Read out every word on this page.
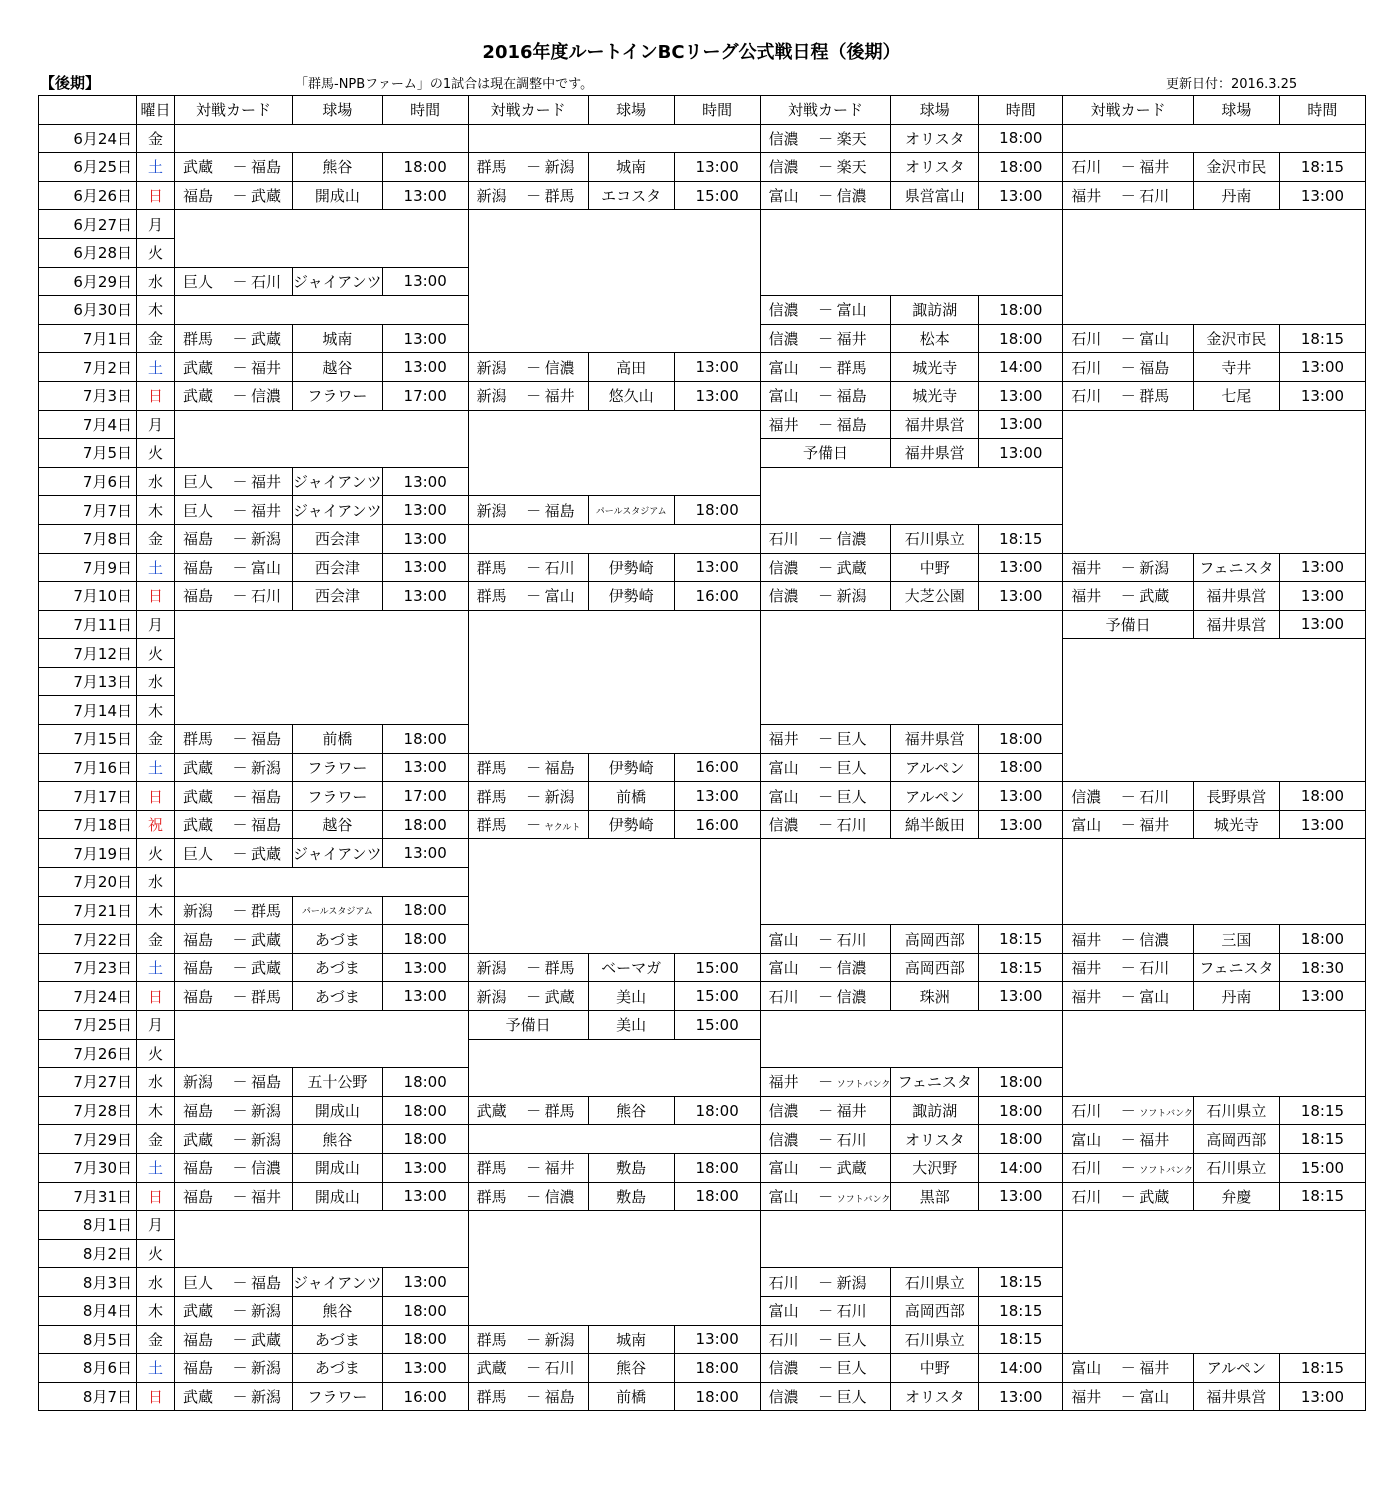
2016年度ルートインBCリーグ公式戦日程（後期）
【後期】	「群馬-NPBファーム」の1試合は現在調整中です。	更新日付：2016.3.25
	曜日	対戦カード	球場	時間	対戦カード	球場	時間	対戦カード	球場	時間	対戦カード	球場	時間
6月24日	金							信濃 － 楽天	オリスタ	18:00			
6月25日	土	武蔵 － 福島	熊谷	18:00	群馬 － 新潟	城南	13:00	信濃 － 楽天	オリスタ	18:00	石川 － 福井	金沢市民	18:15
6月26日	日	福島 － 武蔵	開成山	13:00	新潟 － 群馬	エコスタ	15:00	富山 － 信濃	県営富山	13:00	福井 － 石川	丹南	13:00
6月27日	月												
6月28日	火												
6月29日	水	巨人 － 石川	ジャイアンツ	13:00									
6月30日	木							信濃 － 富山	諏訪湖	18:00			
7月1日	金	群馬 － 武蔵	城南	13:00				信濃 － 福井	松本	18:00	石川 － 富山	金沢市民	18:15
7月2日	土	武蔵 － 福井	越谷	13:00	新潟 － 信濃	高田	13:00	富山 － 群馬	城光寺	14:00	石川 － 福島	寺井	13:00
7月3日	日	武蔵 － 信濃	フラワー	17:00	新潟 － 福井	悠久山	13:00	富山 － 福島	城光寺	13:00	石川 － 群馬	七尾	13:00
7月4日	月							福井 － 福島	福井県営	13:00			
7月5日	火							予備日	福井県営	13:00			
7月6日	水	巨人 － 福井	ジャイアンツ	13:00									
7月7日	木	巨人 － 福井	ジャイアンツ	13:00	新潟 － 福島	パールスタジアム	18:00						
7月8日	金	福島 － 新潟	西会津	13:00				石川 － 信濃	石川県立	18:15			
7月9日	土	福島 － 富山	西会津	13:00	群馬 － 石川	伊勢崎	13:00	信濃 － 武蔵	中野	13:00	福井 － 新潟	フェニスタ	13:00
7月10日	日	福島 － 石川	西会津	13:00	群馬 － 富山	伊勢崎	16:00	信濃 － 新潟	大芝公園	13:00	福井 － 武蔵	福井県営	13:00
7月11日	月										予備日	福井県営	13:00
7月12日	火												
7月13日	水												
7月14日	木												
7月15日	金	群馬 － 福島	前橋	18:00				福井 － 巨人	福井県営	18:00			
7月16日	土	武蔵 － 新潟	フラワー	13:00	群馬 － 福島	伊勢崎	16:00	富山 － 巨人	アルペン	18:00			
7月17日	日	武蔵 － 福島	フラワー	17:00	群馬 － 新潟	前橋	13:00	富山 － 巨人	アルペン	13:00	信濃 － 石川	長野県営	18:00
7月18日	祝	武蔵 － 福島	越谷	18:00	群馬 － ヤクルト	伊勢崎	16:00	信濃 － 石川	綿半飯田	13:00	富山 － 福井	城光寺	13:00
7月19日	火	巨人 － 武蔵	ジャイアンツ	13:00									
7月20日	水												
7月21日	木	新潟 － 群馬	パールスタジアム	18:00									
7月22日	金	福島 － 武蔵	あづま	18:00				富山 － 石川	高岡西部	18:15	福井 － 信濃	三国	18:00
7月23日	土	福島 － 武蔵	あづま	13:00	新潟 － 群馬	ベーマガ	15:00	富山 － 信濃	高岡西部	18:15	福井 － 石川	フェニスタ	18:30
7月24日	日	福島 － 群馬	あづま	13:00	新潟 － 武蔵	美山	15:00	石川 － 信濃	珠洲	13:00	福井 － 富山	丹南	13:00
7月25日	月				予備日	美山	15:00						
7月26日	火												
7月27日	水	新潟 － 福島	五十公野	18:00				福井 － ソフトバンク	フェニスタ	18:00			
7月28日	木	福島 － 新潟	開成山	18:00	武蔵 － 群馬	熊谷	18:00	信濃 － 福井	諏訪湖	18:00	石川 － ソフトバンク	石川県立	18:15
7月29日	金	武蔵 － 新潟	熊谷	18:00				信濃 － 石川	オリスタ	18:00	富山 － 福井	高岡西部	18:15
7月30日	土	福島 － 信濃	開成山	13:00	群馬 － 福井	敷島	18:00	富山 － 武蔵	大沢野	14:00	石川 － ソフトバンク	石川県立	15:00
7月31日	日	福島 － 福井	開成山	13:00	群馬 － 信濃	敷島	18:00	富山 － ソフトバンク	黒部	13:00	石川 － 武蔵	弁慶	18:15
8月1日	月												
8月2日	火												
8月3日	水	巨人 － 福島	ジャイアンツ	13:00				石川 － 新潟	石川県立	18:15			
8月4日	木	武蔵 － 新潟	熊谷	18:00				富山 － 石川	高岡西部	18:15			
8月5日	金	福島 － 武蔵	あづま	18:00	群馬 － 新潟	城南	13:00	石川 － 巨人	石川県立	18:15			
8月6日	土	福島 － 新潟	あづま	13:00	武蔵 － 石川	熊谷	18:00	信濃 － 巨人	中野	14:00	富山 － 福井	アルペン	18:15
8月7日	日	武蔵 － 新潟	フラワー	16:00	群馬 － 福島	前橋	18:00	信濃 － 巨人	オリスタ	13:00	福井 － 富山	福井県営	13:00
